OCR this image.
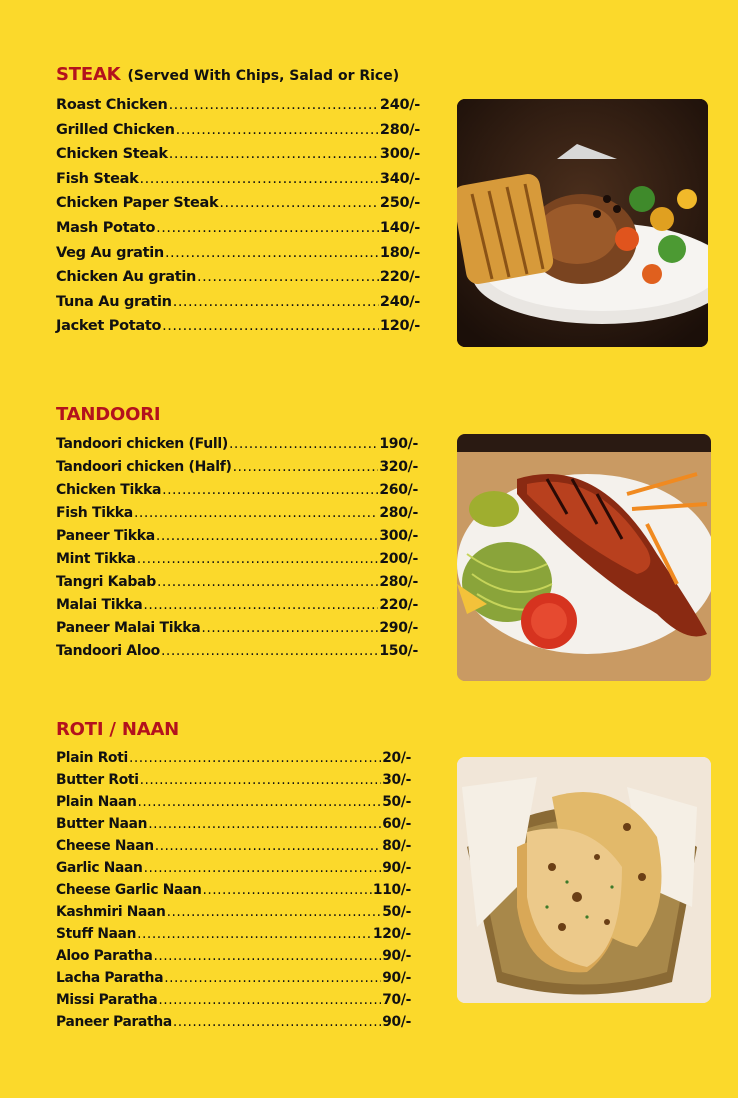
STEAK (Served With Chips, Salad or Rice)
Roast Chicken .....	240/-
Grilled Chicken .....	280/-
Chicken Steak .....	300/-
Fish Steak .....	340/-
Chicken Paper Steak .....	250/-
Mash Potato .....	140/-
Veg Au gratin .....	180/-
Chicken Au gratin .....	220/-
Tuna Au gratin .....	240/-
Jacket Potato .....	120/-
TANDOORI
Tandoori chicken (Full) .....	190/-
Tandoori chicken (Half) .....	320/-
Chicken Tikka .....	260/-
Fish Tikka .....	280/-
Paneer Tikka .....	300/-
Mint Tikka .....	200/-
Tangri Kabab .....	280/-
Malai Tikka .....	220/-
Paneer Malai Tikka .....	290/-
Tandoori Aloo .....	150/-
ROTI / NAAN
Plain Roti .....	20/-
Butter Roti .....	30/-
Plain Naan .....	50/-
Butter Naan .....	60/-
Cheese Naan .....	80/-
Garlic Naan .....	90/-
Cheese Garlic Naan .....	110/-
Kashmiri Naan .....	50/-
Stuff Naan .....	120/-
Aloo Paratha .....	90/-
Lacha Paratha .....	90/-
Missi Paratha .....	70/-
Paneer Paratha .....	90/-
